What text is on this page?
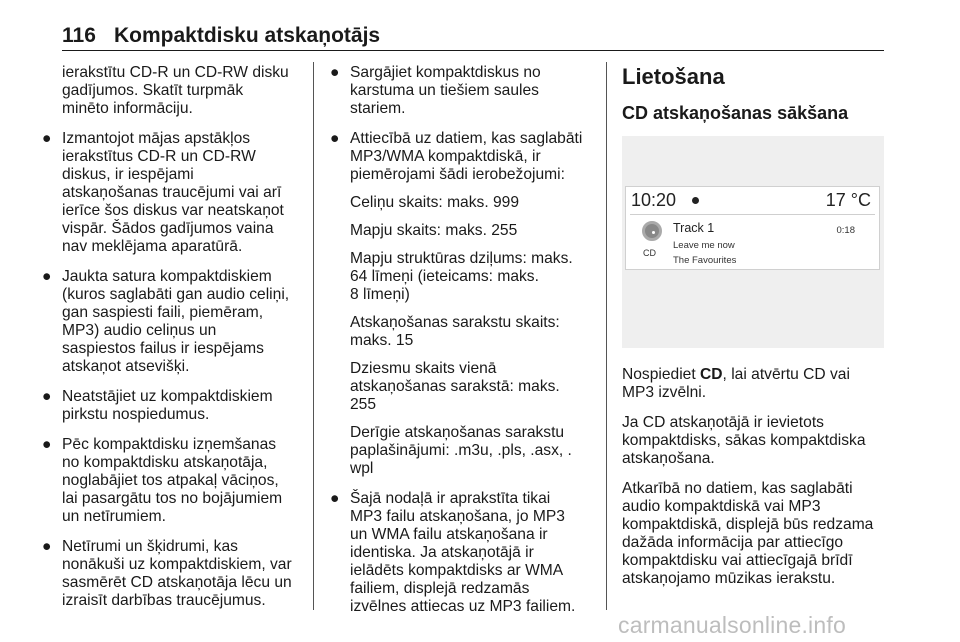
116 Kompaktdisku atskaņotājs

ierakstītu CD-R un CD-RW disku
gadījumos. Skatīt turpmāk
minēto informāciju.

● Izmantojot mājas apstākļos
ierakstītus CD-R un CD-RW
diskus, ir iespējami
atskaņošanas traucējumi vai arī
ierīce šos diskus var neatskaņot
vispār. Šādos gadījumos vaina
nav meklējama aparatūrā.
● Jaukta satura kompaktdiskiem
(kuros saglabāti gan audio celiņi,
gan saspiesti faili, piemēram,
MP3) audio celiņus un
saspiestos failus ir iespējams
atskaņot atsevišķi.
● Neatstājiet uz kompaktdiskiem
pirkstu nospiedumus.
● Pēc kompaktdisku izņemšanas
no kompaktdisku atskaņotāja,
noglabājiet tos atpakaļ vāciņos,
lai pasargātu tos no bojājumiem
un netīrumiem.
● Netīrumi un šķidrumi, kas
nonākuši uz kompaktdiskiem, var
sasmērēt CD atskaņotāja lēcu un
izraisīt darbības traucējumus.
● Sargājiet kompaktdiskus no
karstuma un tiešiem saules
stariem.
● Attiecībā uz datiem, kas saglabāti
MP3/WMA kompaktdiskā, ir
piemērojami šādi ierobežojumi:

Celiņu skaits: maks. 999

Mapju skaits: maks. 255

Mapju struktūras dziļums: maks.
64 līmeņi (ieteicams: maks.
8 līmeņi)

Atskaņošanas sarakstu skaits:
maks. 15

Dziesmu skaits vienā
atskaņošanas sarakstā: maks.
255

Derīgie atskaņošanas sarakstu
paplašinājumi: .m3u, .pls, .asx, .
wpl

● Šajā nodaļā ir aprakstīta tikai
MP3 failu atskaņošana, jo MP3
un WMA failu atskaņošana ir
identiska. Ja atskaņotājā ir
ielādēts kompaktdisks ar WMA
failiem, displejā redzamās
izvēlnes attiecas uz MP3 failiem.
Lietošana
CD atskaņošanas sākšana
10:20	17 °C
CD
Track 1
Leave me now
The Favourites
0:18

Nospiediet CD, lai atvērtu CD vai
MP3 izvēlni.

Ja CD atskaņotājā ir ievietots
kompaktdisks, sākas kompaktdiska
atskaņošana.

Atkarībā no datiem, kas saglabāti
audio kompaktdiskā vai MP3
kompaktdiskā, displejā būs redzama
dažāda informācija par attiecīgo
kompaktdisku vai attiecīgajā brīdī
atskaņojamo mūzikas ierakstu.

carmanualsonline.info
